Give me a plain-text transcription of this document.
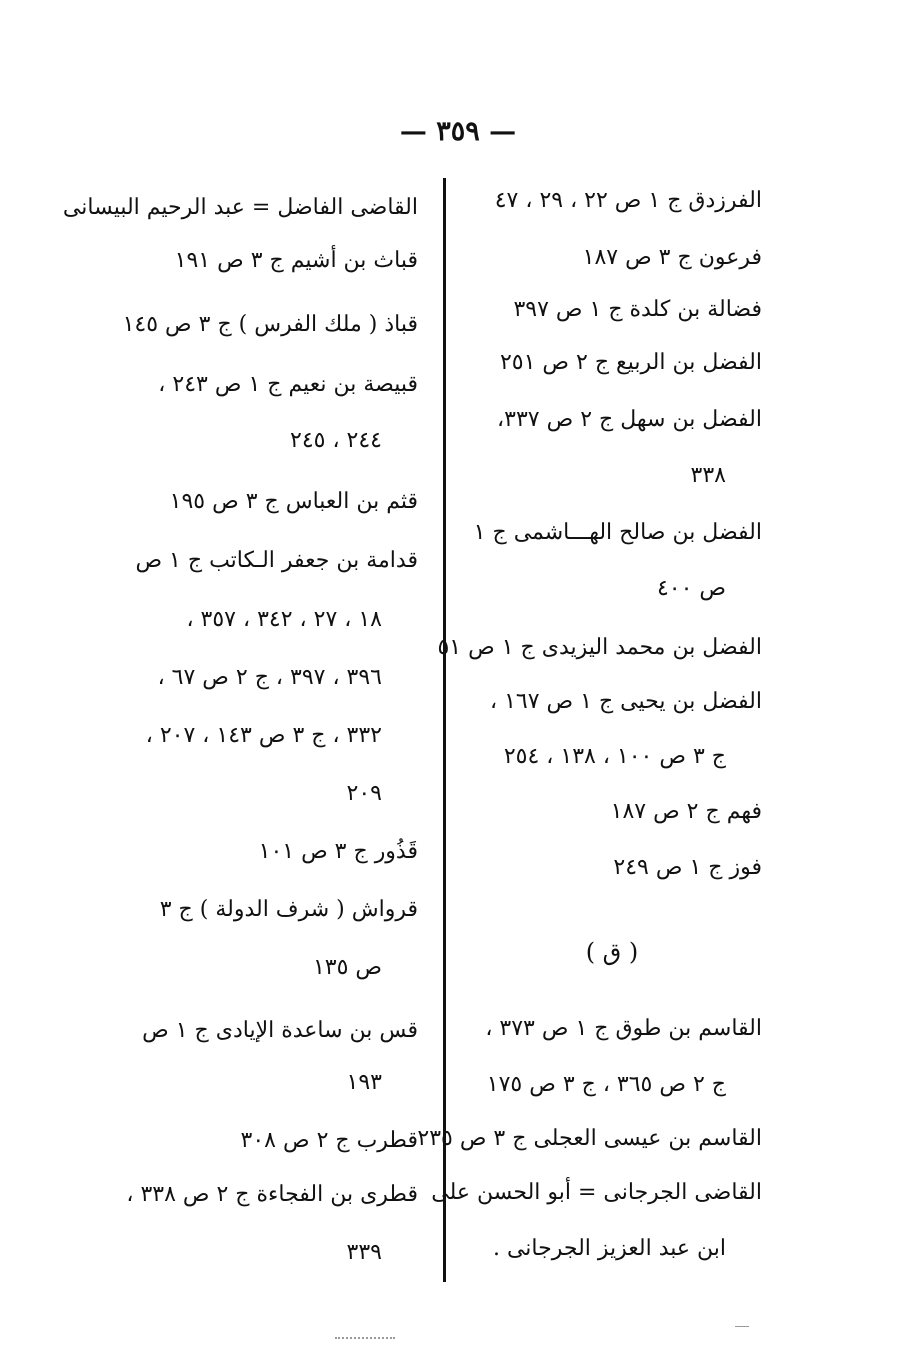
— ٣٥٩ —
الفرزدق ج ١ ص ٢٢ ، ٢٩ ، ٤٧
فرعون ج ٣ ص ١٨٧
فضالة بن كلدة ج ١ ص ٣٩٧
الفضل بن الربيع ج ٢ ص ٢٥١
الفضل بن سهل ج ٢ ص ٣٣٧،
٣٣٨
الفضل بن صالح الهـــاشمى ج ١
ص ٤٠٠
الفضل بن محمد اليزيدى ج ١ ص ٥١
الفضل بن يحيى ج ١ ص ١٦٧ ،
ج ٣ ص ١٠٠ ، ١٣٨ ، ٢٥٤
فهم ج ٢ ص ١٨٧
فوز ج ١ ص ٢٤٩
( ق )
القاسم بن طوق ج ١ ص ٣٧٣ ،
ج ٢ ص ٣٦٥ ، ج ٣ ص ١٧٥
القاسم بن عيسى العجلى ج ٣ ص ٢٣٥
القاضى الجرجانى = أبو الحسن على
ابن عبد العزيز الجرجانى .
القاضى الفاضل = عبد الرحيم البيسانى
قباث بن أشيم ج ٣ ص ١٩١
قباذ ( ملك الفرس ) ج ٣ ص ١٤٥
قبيصة بن نعيم ج ١ ص ٢٤٣ ،
٢٤٤ ، ٢٤٥
قثم بن العباس ج ٣ ص ١٩٥
قدامة بن جعفر الـكاتب ج ١ ص
١٨ ، ٢٧ ، ٣٤٢ ، ٣٥٧ ،
٣٩٦ ، ٣٩٧ ، ج ٢ ص ٦٧ ،
٣٣٢ ، ج ٣ ص ١٤٣ ، ٢٠٧ ،
٢٠٩
قَذُور ج ٣ ص ١٠١
قرواش ( شرف الدولة ) ج ٣
ص ١٣٥
قس بن ساعدة الإيادى ج ١ ص
١٩٣
قطرب ج ٢ ص ٣٠٨
قطرى بن الفجاءة ج ٢ ص ٣٣٨ ،
٣٣٩
